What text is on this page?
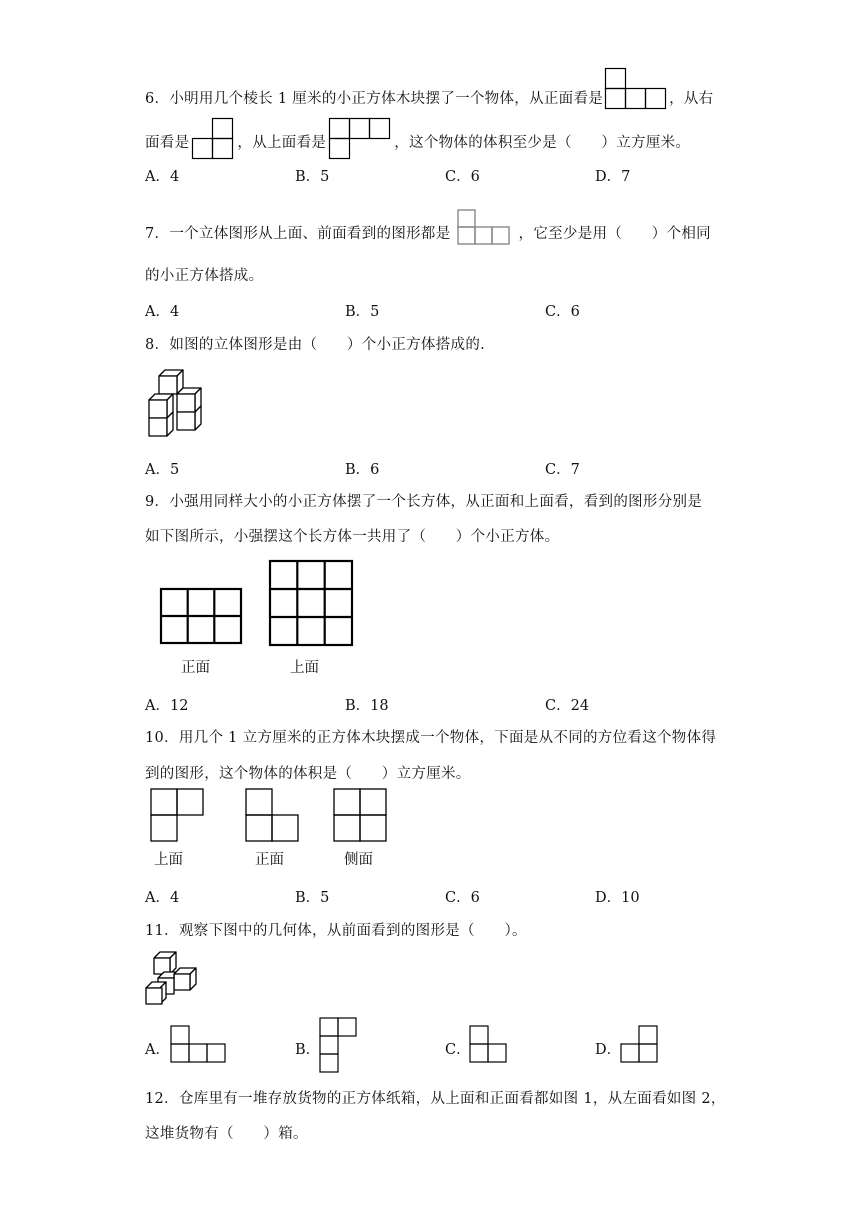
6．小明用几个棱长 1 厘米的小正方体木块摆了一个物体，从正面看是	，从右
面看是	，从上面看是	，这个物体的体积至少是（　　）立方厘米。
A．4	B．5	C．6	D．7
7．一个立体图形从上面、前面看到的图形都是	，它至少是用（　　）个相同
的小正方体搭成。
A．4	B．5	C．6
8．如图的立体图形是由（　　）个小正方体搭成的.
A．5	B．6	C．7
9．小强用同样大小的小正方体摆了一个长方体，从正面和上面看，看到的图形分别是
如下图所示，小强摆这个长方体一共用了（　　）个小正方体。
正面	上面
A．12	B．18	C．24
10．用几个 1 立方厘米的正方体木块摆成一个物体，下面是从不同的方位看这个物体得
到的图形，这个物体的体积是（　　）立方厘米。
上面	正面	侧面
A．4	B．5	C．6	D．10
11．观察下图中的几何体，从前面看到的图形是（　　）。
A．	B．	C．	D．
12．仓库里有一堆存放货物的正方体纸箱，从上面和正面看都如图 1，从左面看如图 2，
这堆货物有（　　）箱。
